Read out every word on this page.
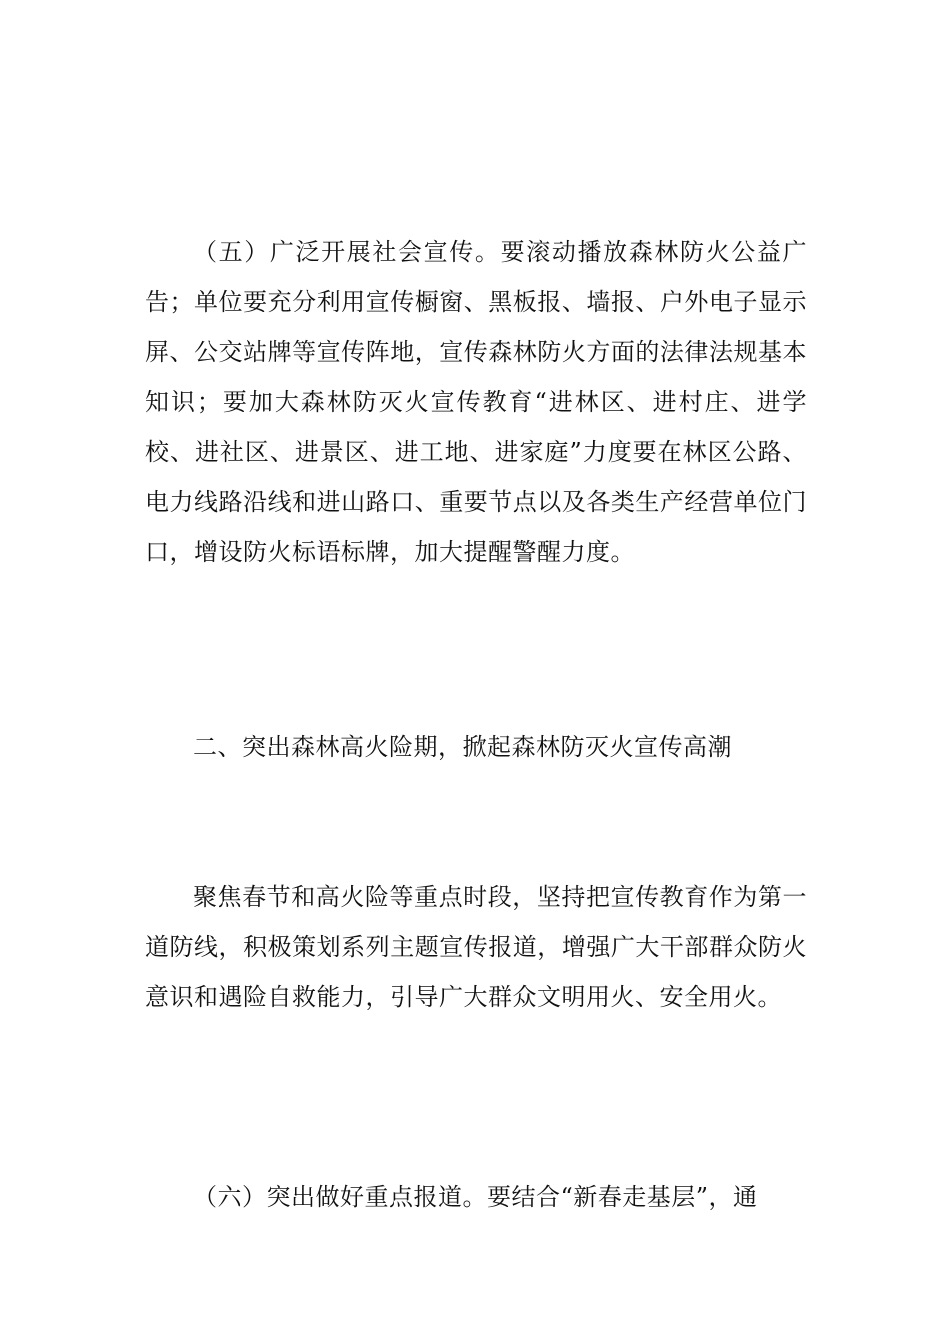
（五）广泛开展社会宣传。要滚动播放森林防火公益广告；单位要充分利用宣传橱窗、黑板报、墙报、户外电子显示屏、公交站牌等宣传阵地，宣传森林防火方面的法律法规基本知识；要加大森林防灭火宣传教育“进林区、进村庄、进学校、进社区、进景区、进工地、进家庭”力度要在林区公路、电力线路沿线和进山路口、重要节点以及各类生产经营单位门口，增设防火标语标牌，加大提醒警醒力度。

二、突出森林高火险期，掀起森林防灭火宣传高潮

聚焦春节和高火险等重点时段，坚持把宣传教育作为第一道防线，积极策划系列主题宣传报道，增强广大干部群众防火意识和遇险自救能力，引导广大群众文明用火、安全用火。

（六）突出做好重点报道。要结合“新春走基层”，通
